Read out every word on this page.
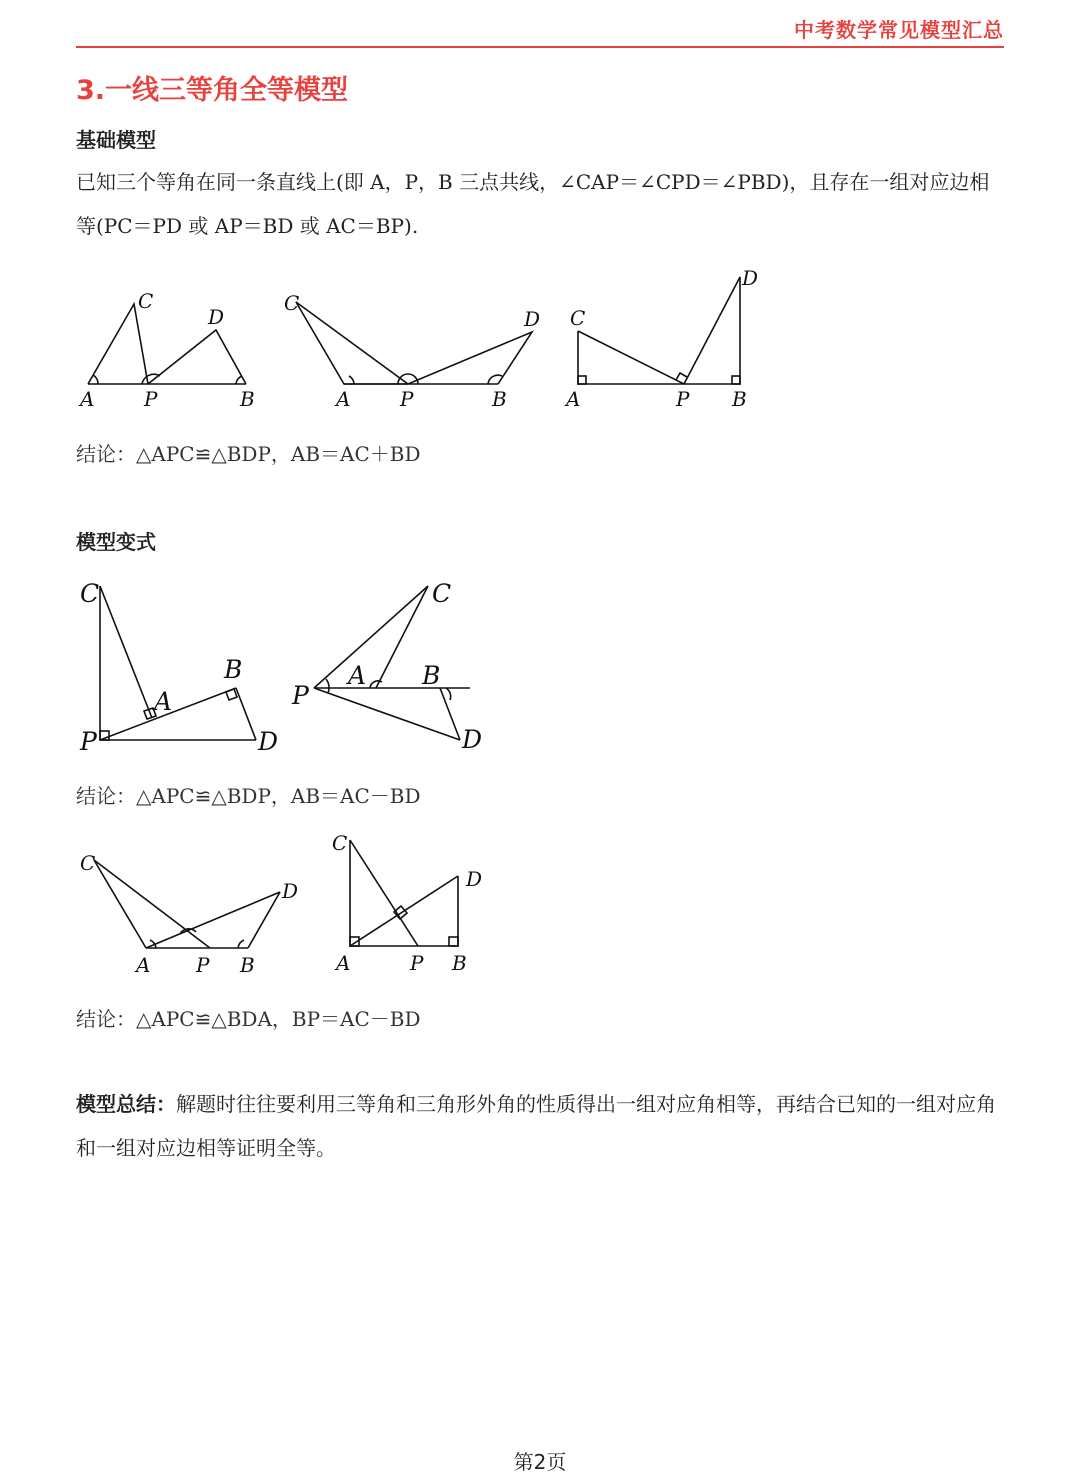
中考数学常见模型汇总
3.一线三等角全等模型
基础模型
已知三个等角在同一条直线上(即 A，P，B 三点共线，∠CAP＝∠CPD＝∠PBD)，且存在一组对应边相等(PC＝PD 或 AP＝BD 或 AC＝BP).
C
D
A P	B
C
D
A P	B
C
D
A	P B
结论：△APC≌△BDP，AB＝AC＋BD
模型变式
C
B
A
P	D
C
A B
P
D
结论：△APC≌△BDP，AB＝AC－BD
C
D
A P B
C
D
A	P B
结论：△APC≌△BDA，BP＝AC－BD
模型总结：解题时往往要利用三等角和三角形外角的性质得出一组对应角相等，再结合已知的一组对应角和一组对应边相等证明全等。
第2页
